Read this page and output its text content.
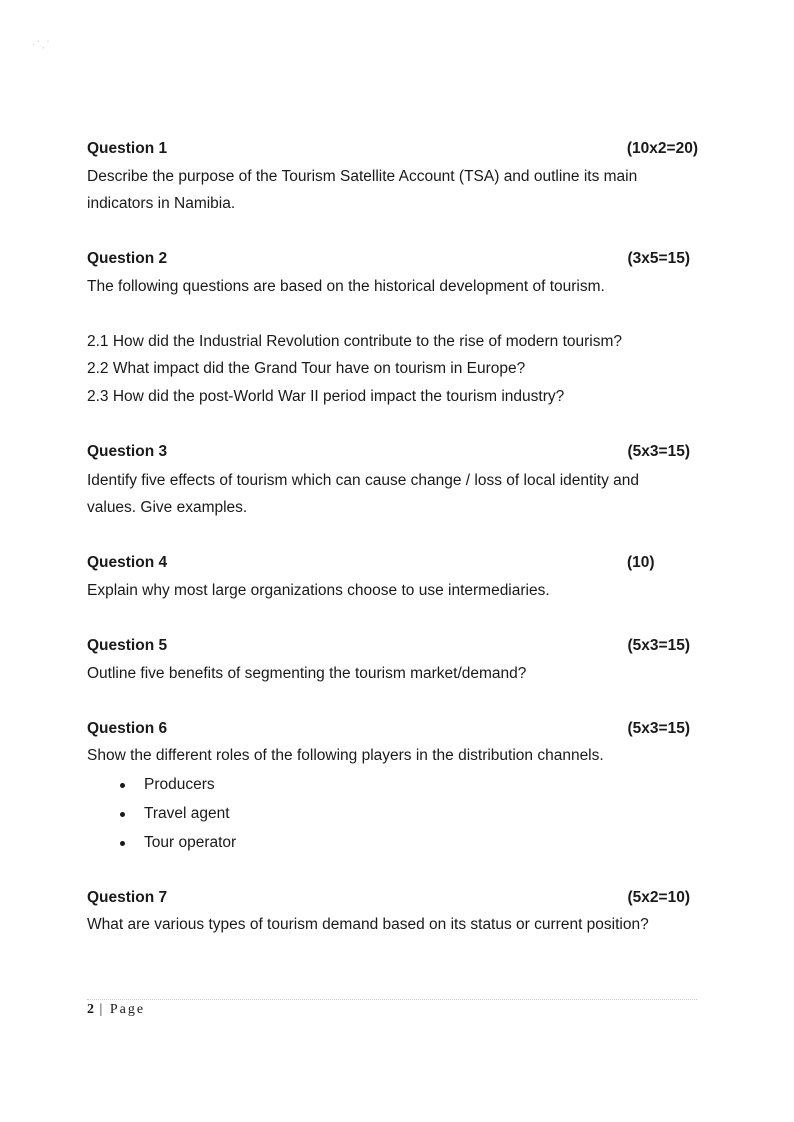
· ˊ ˏ ˊ
Question 1	(10x2=20)
Describe the purpose of the Tourism Satellite Account (TSA) and outline its main
indicators in Namibia.
Question 2	(3x5=15)
The following questions are based on the historical development of tourism.
2.1 How did the Industrial Revolution contribute to the rise of modern tourism?
2.2 What impact did the Grand Tour have on tourism in Europe?
2.3 How did the post-World War II period impact the tourism industry?
Question 3	(5x3=15)
Identify five effects of tourism which can cause change / loss of local identity and
values. Give examples.
Question 4	(10)
Explain why most large organizations choose to use intermediaries.
Question 5	(5x3=15)
Outline five benefits of segmenting the tourism market/demand?
Question 6	(5x3=15)
Show the different roles of the following players in the distribution channels.
Producers
Travel agent
Tour operator
Question 7	(5x2=10)
What are various types of tourism demand based on its status or current position?
2 | Page
